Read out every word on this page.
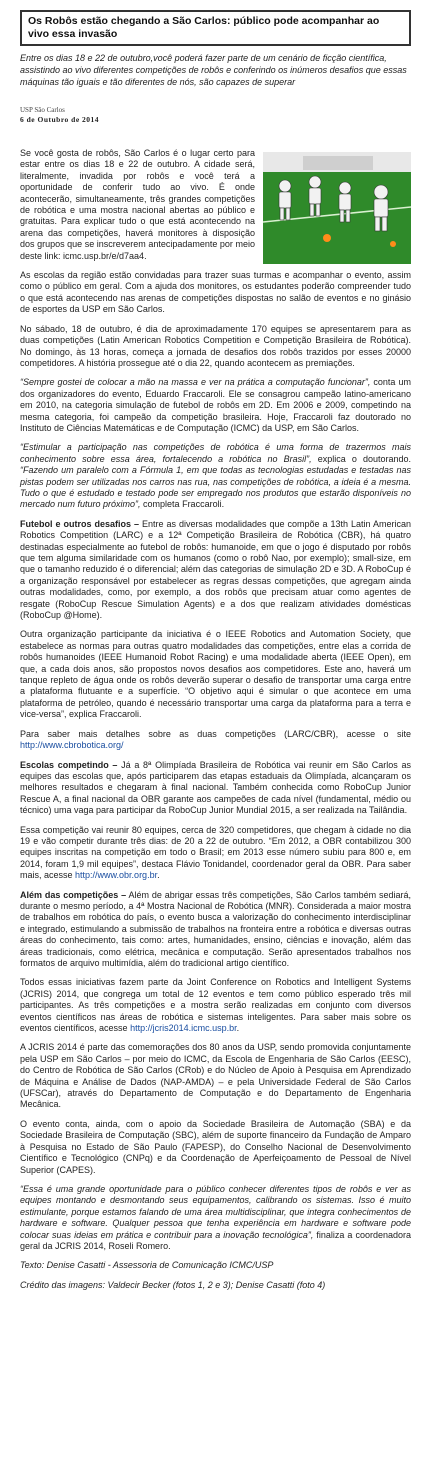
Os Robôs estão chegando a São Carlos: público pode acompanhar ao vivo essa invasão

Entre os dias 18 e 22 de outubro,você poderá fazer parte de um cenário de ficção científica, assistindo ao vivo diferentes competições de robôs e conferindo os inúmeros desafios que essas máquinas tão iguais e tão diferentes de nós, são capazes de superar

USP São Carlos
6 de Outubro de 2014

Se você gosta de robôs, São Carlos é o lugar certo para estar entre os dias 18 e 22 de outubro. A cidade será, literalmente, invadida por robôs e você terá a oportunidade de conferir tudo ao vivo. É onde acontecerão, simultaneamente, três grandes competições de robótica e uma mostra nacional abertas ao público e gratuitas. Para explicar tudo o que está acontecendo na arena das competições, haverá monitores à disposição dos grupos que se inscreverem antecipadamente por meio deste link: icmc.usp.br/e/d7aa4.

As escolas da região estão convidadas para trazer suas turmas e acompanhar o evento, assim como o público em geral. Com a ajuda dos monitores, os estudantes poderão compreender tudo o que está acontecendo nas arenas de competições dispostas no salão de eventos e no ginásio de esportes da USP em São Carlos.

No sábado, 18 de outubro, é dia de aproximadamente 170 equipes se apresentarem para as duas competições (Latin American Robotics Competition e Competição Brasileira de Robótica). No domingo, às 13 horas, começa a jornada de desafios dos robôs trazidos por esses 20000 competidores. A história prossegue até o dia 22, quando acontecem as premiações.

“Sempre gostei de colocar a mão na massa e ver na prática a computação funcionar”, conta um dos organizadores do evento, Eduardo Fraccaroli. Ele se consagrou campeão latino-americano em 2010, na categoria simulação de futebol de robôs em 2D. Em 2006 e 2009, competindo na mesma categoria, foi campeão da competição brasileira. Hoje, Fraccaroli faz doutorado no Instituto de Ciências Matemáticas e de Computação (ICMC) da USP, em São Carlos.

“Estimular a participação nas competições de robótica é uma forma de trazermos mais conhecimento sobre essa área, fortalecendo a robótica no Brasil”, explica o doutorando. “Fazendo um paralelo com a Fórmula 1, em que todas as tecnologias estudadas e testadas nas pistas podem ser utilizadas nos carros nas rua, nas competições de robótica, a ideia é a mesma. Tudo o que é estudado e testado pode ser empregado nos produtos que estarão disponíveis no mercado num futuro próximo”, completa Fraccaroli.

Futebol e outros desafios – Entre as diversas modalidades que compõe a 13th Latin American Robotics Competition (LARC) e a 12ª Competição Brasileira de Robótica (CBR), há quatro destinadas especialmente ao futebol de robôs: humanoide, em que o jogo é disputado por robôs que tem alguma similaridade com os humanos (como o robô Nao, por exemplo); small-size, em que o tamanho reduzido é o diferencial; além das categorias de simulação 2D e 3D. A RoboCup é a organização responsável por estabelecer as regras dessas competições, que agregam ainda outras modalidades, como, por exemplo, a dos robôs que precisam atuar como agentes de resgate (RoboCup Rescue Simulation Agents) e a dos que realizam atividades domésticas (RoboCup @Home).

Outra organização participante da iniciativa é o IEEE Robotics and Automation Society, que estabelece as normas para outras quatro modalidades das competições, entre elas a corrida de robôs humanoides (IEEE Humanoid Robot Racing) e uma modalidade aberta (IEEE Open), em que, a cada dois anos, são propostos novos desafios aos competidores. Este ano, haverá um tanque repleto de água onde os robôs deverão superar o desafio de transportar uma carga entre a plataforma flutuante e a superfície. “O objetivo aqui é simular o que acontece em uma plataforma de petróleo, quando é necessário transportar uma carga da plataforma para a terra e vice-versa”, explica Fraccaroli.

Para saber mais detalhes sobre as duas competições (LARC/CBR), acesse o site http://www.cbrobotica.org/

Escolas competindo – Já a 8ª Olimpíada Brasileira de Robótica vai reunir em São Carlos as equipes das escolas que, após participarem das etapas estaduais da Olimpíada, alcançaram os melhores resultados e chegaram à final nacional. Também conhecida como RoboCup Junior Rescue A, a final nacional da OBR garante aos campeões de cada nível (fundamental, médio ou técnico) uma vaga para participar da RoboCup Junior Mundial 2015, a ser realizada na Tailândia.

Essa competição vai reunir 80 equipes, cerca de 320 competidores, que chegam à cidade no dia 19 e vão competir durante três dias: de 20 a 22 de outubro. “Em 2012, a OBR contabilizou 300 equipes inscritas na competição em todo o Brasil; em 2013 esse número subiu para 800 e, em 2014, foram 1,9 mil equipes”, destaca Flávio Tonidandel, coordenador geral da OBR. Para saber mais, acesse http://www.obr.org.br.

Além das competições – Além de abrigar essas três competições, São Carlos também sediará, durante o mesmo período, a 4ª Mostra Nacional de Robótica (MNR). Considerada a maior mostra de trabalhos em robótica do país, o evento busca a valorização do conhecimento interdisciplinar e integrado, estimulando a submissão de trabalhos na fronteira entre a robótica e diversas outras áreas do conhecimento, tais como: artes, humanidades, ensino, ciências e inovação, além das áreas tradicionais, como elétrica, mecânica e computação. Serão apresentados trabalhos nos formatos de arquivo multimídia, além do tradicional artigo científico.

Todos essas iniciativas fazem parte da Joint Conference on Robotics and Intelligent Systems (JCRIS) 2014, que congrega um total de 12 eventos e tem como público esperado três mil participantes. As três competições e a mostra serão realizadas em conjunto com diversos eventos científicos nas áreas de robótica e sistemas inteligentes. Para saber mais sobre os eventos científicos, acesse http://jcris2014.icmc.usp.br.

A JCRIS 2014 é parte das comemorações dos 80 anos da USP, sendo promovida conjuntamente pela USP em São Carlos – por meio do ICMC, da Escola de Engenharia de São Carlos (EESC), do Centro de Robótica de São Carlos (CRob) e do Núcleo de Apoio à Pesquisa em Aprendizado de Máquina e Análise de Dados (NAP-AMDA) – e pela Universidade Federal de São Carlos (UFSCar), através do Departamento de Computação e do Departamento de Engenharia Mecânica.

O evento conta, ainda, com o apoio da Sociedade Brasileira de Automação (SBA) e da Sociedade Brasileira de Computação (SBC), além de suporte financeiro da Fundação de Amparo à Pesquisa no Estado de São Paulo (FAPESP), do Conselho Nacional de Desenvolvimento Científico e Tecnológico (CNPq) e da Coordenação de Aperfeiçoamento de Pessoal de Nível Superior (CAPES).

“Essa é uma grande oportunidade para o público conhecer diferentes tipos de robôs e ver as equipes montando e desmontando seus equipamentos, calibrando os sistemas. Isso é muito estimulante, porque estamos falando de uma área multidisciplinar, que integra conhecimentos de hardware e software. Qualquer pessoa que tenha experiência em hardware e software pode colocar suas ideias em prática e contribuir para a inovação tecnológica”, finaliza a coordenadora geral da JCRIS 2014, Roseli Romero.

Texto: Denise Casatti - Assessoria de Comunicação ICMC/USP

Crédito das imagens: Valdecir Becker (fotos 1, 2 e 3); Denise Casatti (foto 4)
